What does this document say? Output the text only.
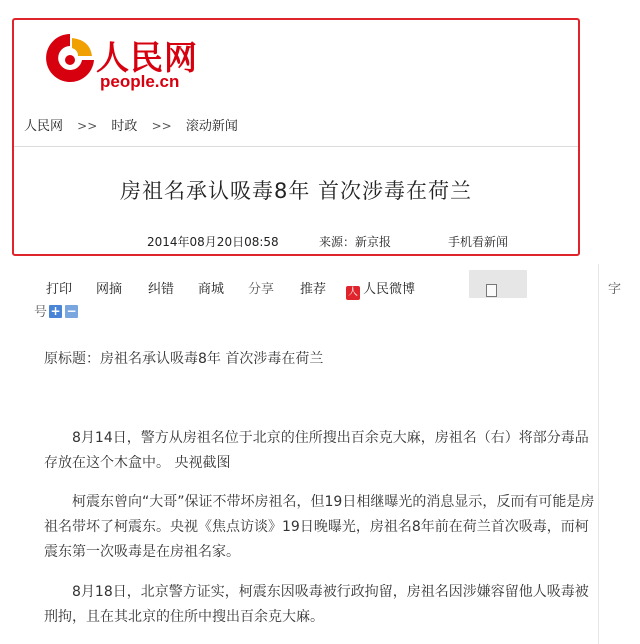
人民网
people.cn
人民网 >> 时政 >> 滚动新闻
房祖名承认吸毒8年 首次涉毒在荷兰
2014年08月20日08:58	来源：新京报	手机看新闻
打印 网摘 纠错 商城 分享 推荐 人 人民微博	字
号 + −
原标题：房祖名承认吸毒8年 首次涉毒在荷兰

8月14日，警方从房祖名位于北京的住所搜出百余克大麻，房祖名（右）将部分毒品存放在这个木盒中。 央视截图

柯震东曾向“大哥”保证不带坏房祖名，但19日相继曝光的消息显示，反而有可能是房祖名带坏了柯震东。央视《焦点访谈》19日晚曝光，房祖名8年前在荷兰首次吸毒，而柯震东第一次吸毒是在房祖名家。

8月18日，北京警方证实，柯震东因吸毒被行政拘留，房祖名因涉嫌容留他人吸毒被刑拘，且在其北京的住所中搜出百余克大麻。
